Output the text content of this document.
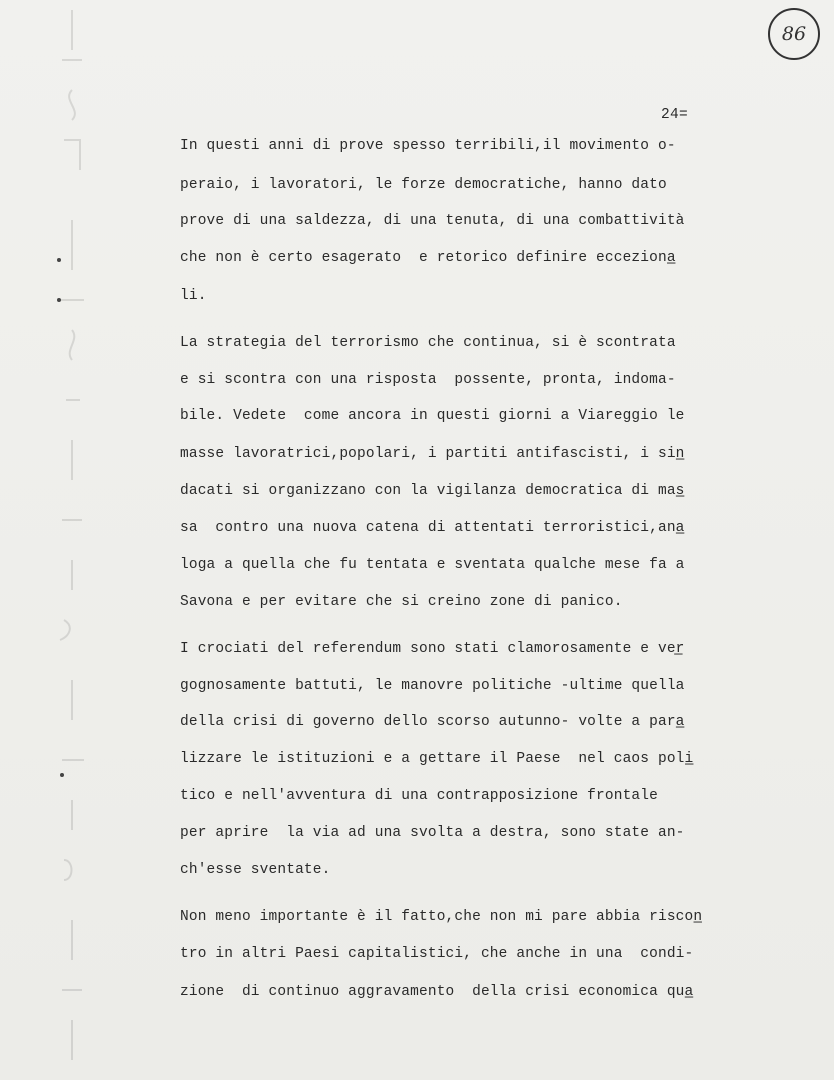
86
24=
In questi anni di prove spesso terribili,il movimento o-
peraio, i lavoratori, le forze democratiche, hanno dato
prove di una saldezza, di una tenuta, di una combattività
che non è certo esagerato  e retorico definire ecceziona̲
li.
La strategia del terrorismo che continua, si è scontrata
e si scontra con una risposta  possente, pronta, indoma-
bile. Vedete  come ancora in questi giorni a Viareggio le
masse lavoratrici,popolari, i partiti antifascisti, i sin̲
dacati si organizzano con la vigilanza democratica di mas̲
sa  contro una nuova catena di attentati terroristici,ana̲
loga a quella che fu tentata e sventata qualche mese fa a
Savona e per evitare che si creino zone di panico.
I crociati del referendum sono stati clamorosamente e ver̲
gognosamente battuti, le manovre politiche -ultime quella
della crisi di governo dello scorso autunno- volte a para̲
lizzare le istituzioni e a gettare il Paese  nel caos poli̲
tico e nell'avventura di una contrapposizione frontale
per aprire  la via ad una svolta a destra, sono state an-
ch'esse sventate.
Non meno importante è il fatto,che non mi pare abbia riscon̲
tro in altri Paesi capitalistici, che anche in una  condi-
zione  di continuo aggravamento  della crisi economica qua̲
